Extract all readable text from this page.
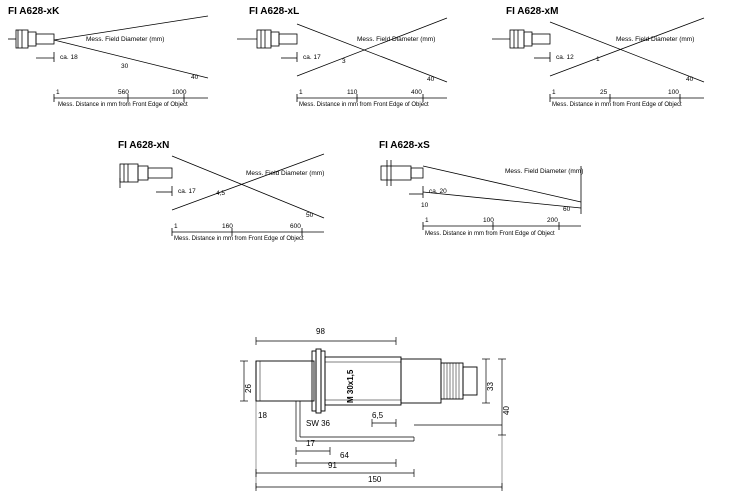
FI A628-xK
ca. 18
Mess. Field Diameter (mm)
30
40
1	560	1000
Mess. Distance in mm from Front Edge of Object
FI A628-xL
ca. 17
3
Mess. Field Diameter (mm)
40
1	110	400
Mess. Distance in mm from Front Edge of Object
FI A628-xM
ca. 12	1
Mess. Field Diameter (mm)
40
1	25	100
Mess. Distance in mm from Front Edge of Object
FI A628-xN
ca. 17	4,5
Mess. Field Diameter (mm)
50
1	160	600
Mess. Distance in mm from Front Edge of Object
FI A628-xS
ca. 20
Mess. Field Diameter (mm)
10
60
1	100	200
Mess. Distance in mm from Front Edge of Object
98
26	M 30x1,5	33
40
18
SW 36
6,5
17
64
91
150
